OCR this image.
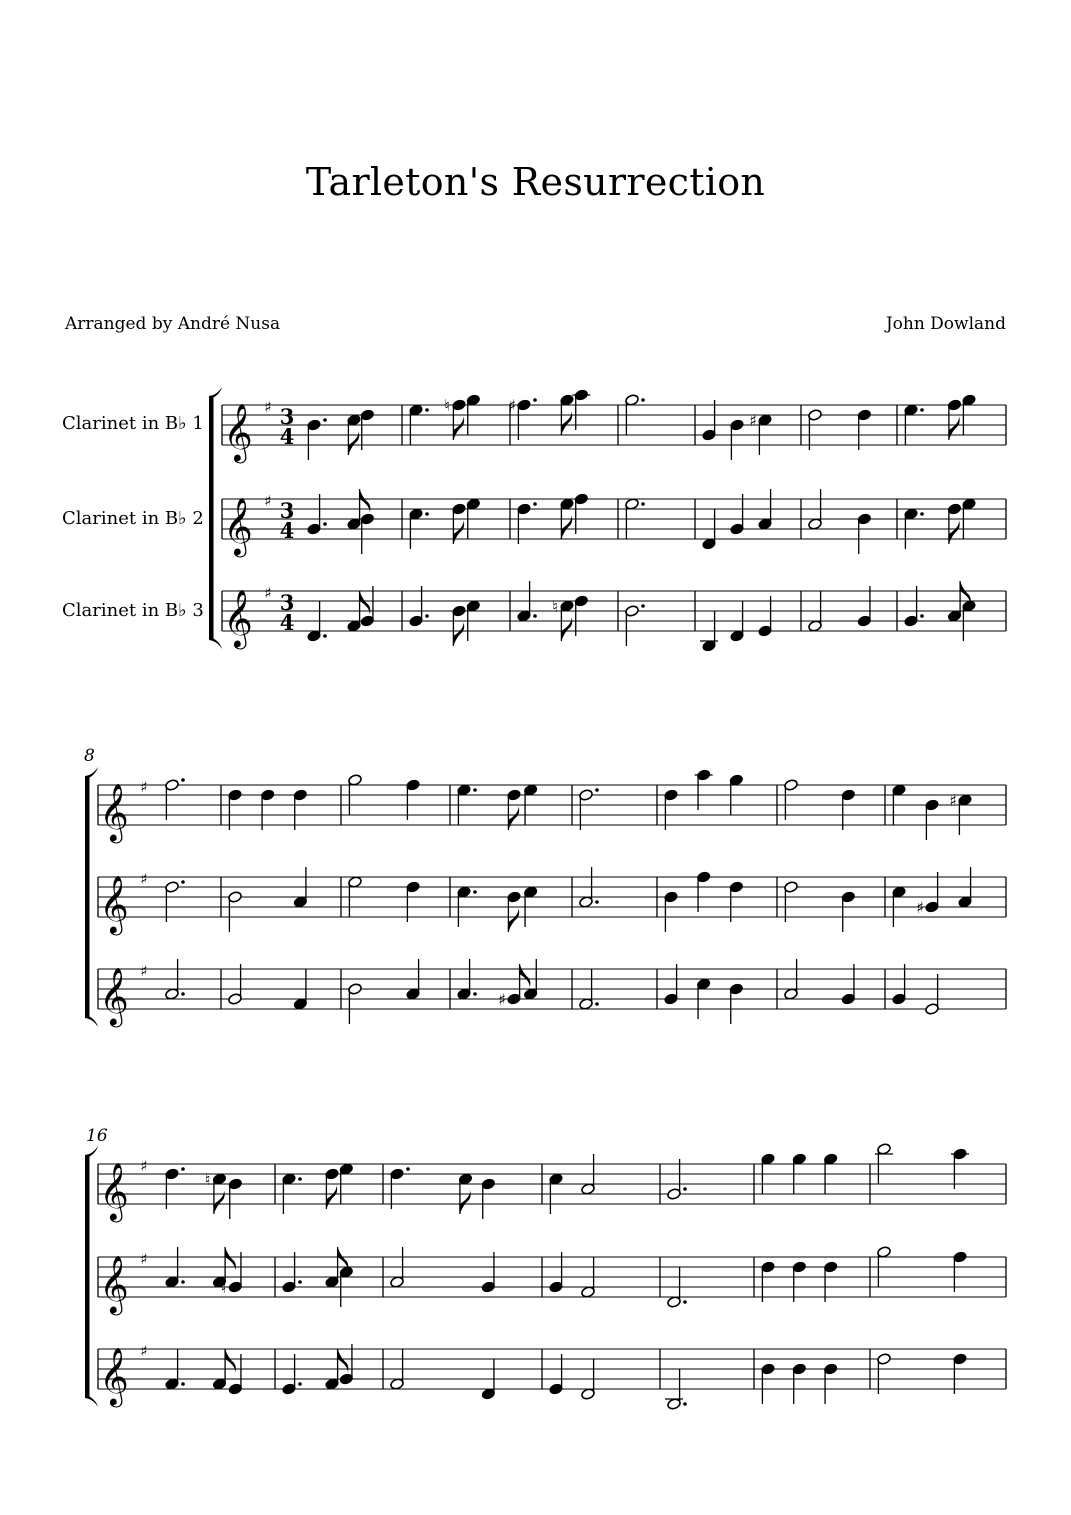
Tarleton's Resurrection
Arranged by André Nusa	John Dowland
Clarinet in B♭ 1
Clarinet in B♭ 2
Clarinet in B♭ 3
8
16
𝄞 ♯ 3
4
♮	♯
♯
𝄞 ♯ 3
4
𝄞 ♯ 3
4
♮
𝄞 ♯
♯
𝄞 ♯
♯
𝄞 ♯
♯
𝄞 ♯
♮
𝄞 ♯
♮
𝄞 ♯
